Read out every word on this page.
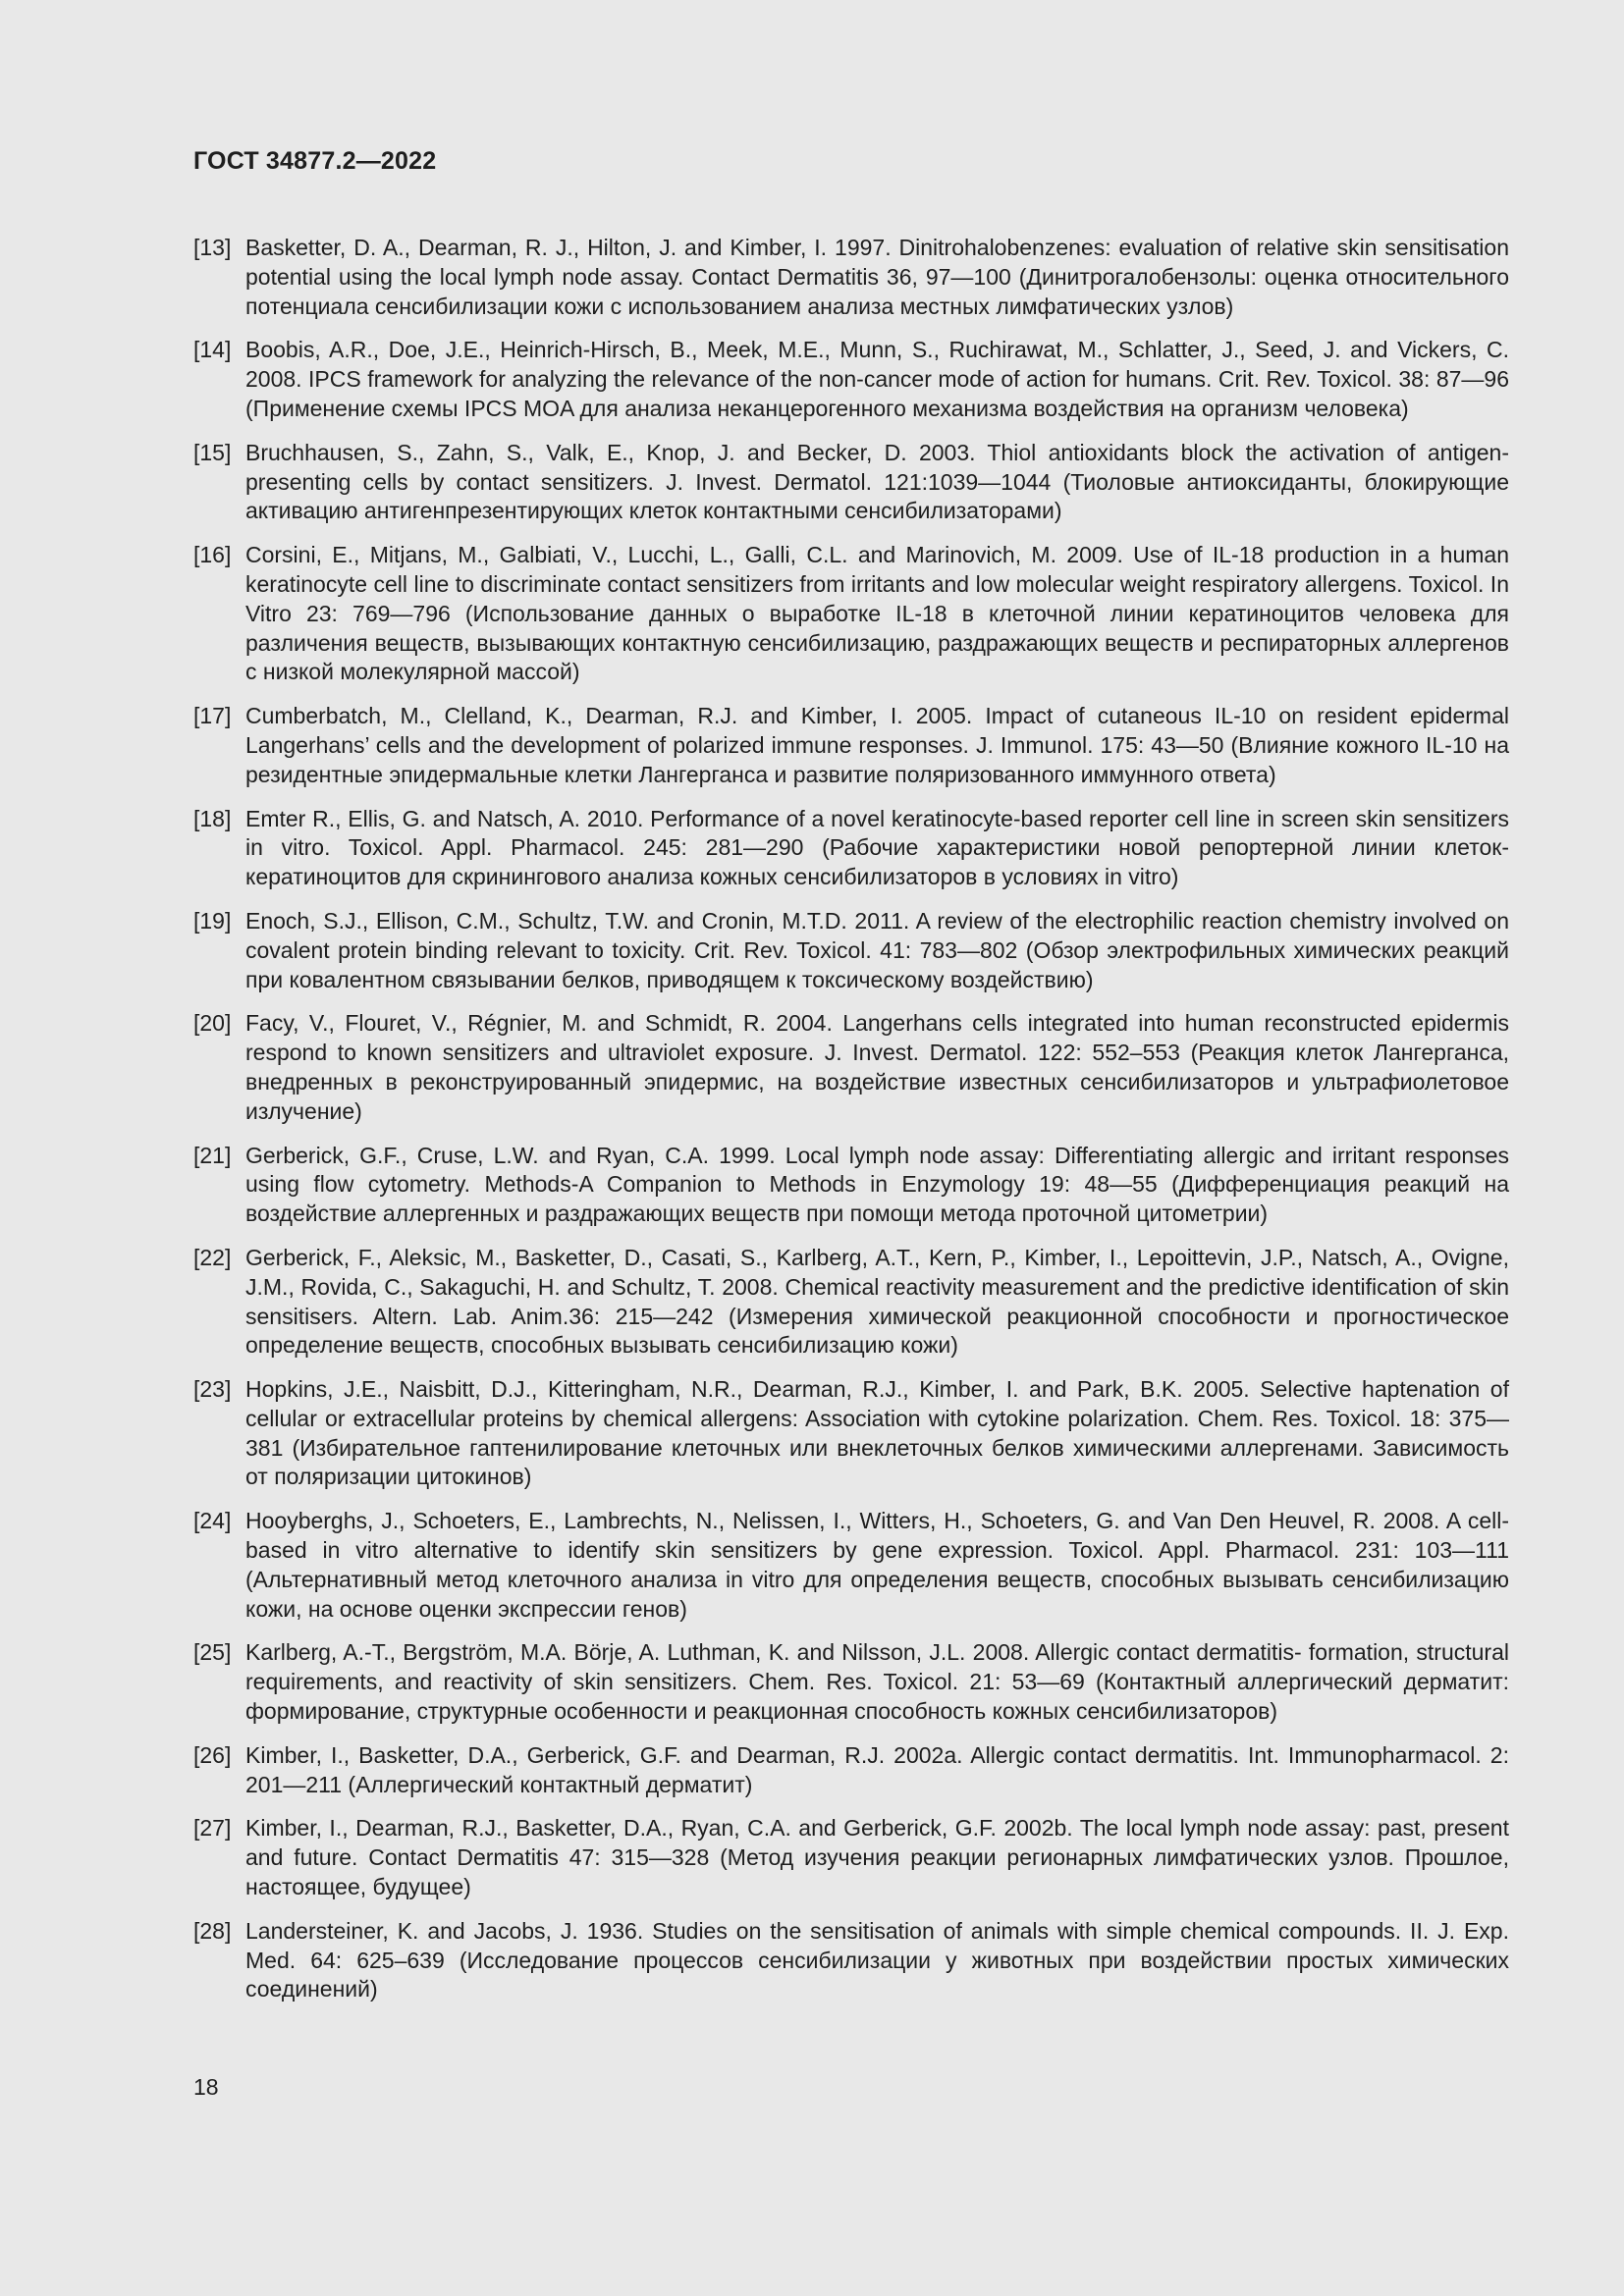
ГОСТ 34877.2—2022
[13] Basketter, D. A., Dearman, R. J., Hilton, J. and Kimber, I. 1997. Dinitrohalobenzenes: evaluation of relative skin sensitisation potential using the local lymph node assay. Contact Dermatitis 36, 97—100 (Динитрогалобензолы: оценка относительного потенциала сенсибилизации кожи с использованием анализа местных лимфатических узлов)
[14] Boobis, A.R., Doe, J.E., Heinrich-Hirsch, B., Meek, M.E., Munn, S., Ruchirawat, M., Schlatter, J., Seed, J. and Vickers, C. 2008. IPCS framework for analyzing the relevance of the non-cancer mode of action for humans. Crit. Rev. Toxicol. 38: 87—96 (Применение схемы IPCS MOA для анализа неканцерогенного механизма воздействия на организм человека)
[15] Bruchhausen, S., Zahn, S., Valk, E., Knop, J. and Becker, D. 2003. Thiol antioxidants block the activation of antigen-presenting cells by contact sensitizers. J. Invest. Dermatol. 121:1039—1044 (Тиоловые антиоксиданты, блокирующие активацию антигенпрезентирующих клеток контактными сенсибилизаторами)
[16] Corsini, E., Mitjans, M., Galbiati, V., Lucchi, L., Galli, C.L. and Marinovich, M. 2009. Use of IL-18 production in a human keratinocyte cell line to discriminate contact sensitizers from irritants and low molecular weight respiratory allergens. Toxicol. In Vitro 23: 769—796 (Использование данных о выработке IL-18 в клеточной линии кератиноцитов человека для различения веществ, вызывающих контактную сенсибилизацию, раздражающих веществ и респираторных аллергенов с низкой молекулярной массой)
[17] Cumberbatch, M., Clelland, K., Dearman, R.J. and Kimber, I. 2005. Impact of cutaneous IL-10 on resident epidermal Langerhans’ cells and the development of polarized immune responses. J. Immunol. 175: 43—50 (Влияние кожного IL-10 на резидентные эпидермальные клетки Лангерганса и развитие поляризованного иммунного ответа)
[18] Emter R., Ellis, G. and Natsch, A. 2010. Performance of a novel keratinocyte-based reporter cell line in screen skin sensitizers in vitro. Toxicol. Appl. Pharmacol. 245: 281—290 (Рабочие характеристики новой репортерной линии клеток-кератиноцитов для скринингового анализа кожных сенсибилизаторов в условиях in vitro)
[19] Enoch, S.J., Ellison, C.M., Schultz, T.W. and Cronin, M.T.D. 2011. A review of the electrophilic reaction chemistry involved on covalent protein binding relevant to toxicity. Crit. Rev. Toxicol. 41: 783—802 (Обзор электрофильных химических реакций при ковалентном связывании белков, приводящем к токсическому воздействию)
[20] Facy, V., Flouret, V., Régnier, M. and Schmidt, R. 2004. Langerhans cells integrated into human reconstructed epidermis respond to known sensitizers and ultraviolet exposure. J. Invest. Dermatol. 122: 552–553 (Реакция клеток Лангерганса, внедренных в реконструированный эпидермис, на воздействие известных сенсибилизаторов и ультрафиолетовое излучение)
[21] Gerberick, G.F., Cruse, L.W. and Ryan, C.A. 1999. Local lymph node assay: Differentiating allergic and irritant responses using flow cytometry. Methods-A Companion to Methods in Enzymology 19: 48—55 (Дифференциация реакций на воздействие аллергенных и раздражающих веществ при помощи метода проточной цитометрии)
[22] Gerberick, F., Aleksic, M., Basketter, D., Casati, S., Karlberg, A.T., Kern, P., Kimber, I., Lepoittevin, J.P., Natsch, A., Ovigne, J.M., Rovida, C., Sakaguchi, H. and Schultz, T. 2008. Chemical reactivity measurement and the predictive identification of skin sensitisers. Altern. Lab. Anim.36: 215—242 (Измерения химической реакционной способности и прогностическое определение веществ, способных вызывать сенсибилизацию кожи)
[23] Hopkins, J.E., Naisbitt, D.J., Kitteringham, N.R., Dearman, R.J., Kimber, I. and Park, B.K. 2005. Selective haptenation of cellular or extracellular proteins by chemical allergens: Association with cytokine polarization. Chem. Res. Toxicol. 18: 375—381 (Избирательное гаптенилирование клеточных или внеклеточных белков химическими аллергенами. Зависимость от поляризации цитокинов)
[24] Hooyberghs, J., Schoeters, E., Lambrechts, N., Nelissen, I., Witters, H., Schoeters, G. and Van Den Heuvel, R. 2008. A cell-based in vitro alternative to identify skin sensitizers by gene expression. Toxicol. Appl. Pharmacol. 231: 103—111 (Альтернативный метод клеточного анализа in vitro для определения веществ, способных вызывать сенсибилизацию кожи, на основе оценки экспрессии генов)
[25] Karlberg, A.-T., Bergström, M.A. Börje, A. Luthman, K. and Nilsson, J.L. 2008. Allergic contact dermatitis- formation, structural requirements, and reactivity of skin sensitizers. Chem. Res. Toxicol. 21: 53—69 (Контактный аллергический дерматит: формирование, структурные особенности и реакционная способность кожных сенсибилизаторов)
[26] Kimber, I., Basketter, D.A., Gerberick, G.F. and Dearman, R.J. 2002a. Allergic contact dermatitis. Int. Immunopharmacol. 2: 201—211 (Аллергический контактный дерматит)
[27] Kimber, I., Dearman, R.J., Basketter, D.A., Ryan, C.A. and Gerberick, G.F. 2002b. The local lymph node assay: past, present and future. Contact Dermatitis 47: 315—328 (Метод изучения реакции регионарных лимфатических узлов. Прошлое, настоящее, будущее)
[28] Landersteiner, K. and Jacobs, J. 1936. Studies on the sensitisation of animals with simple chemical compounds. II. J. Exp. Med. 64: 625–639 (Исследование процессов сенсибилизации у животных при воздействии простых химических соединений)
18
